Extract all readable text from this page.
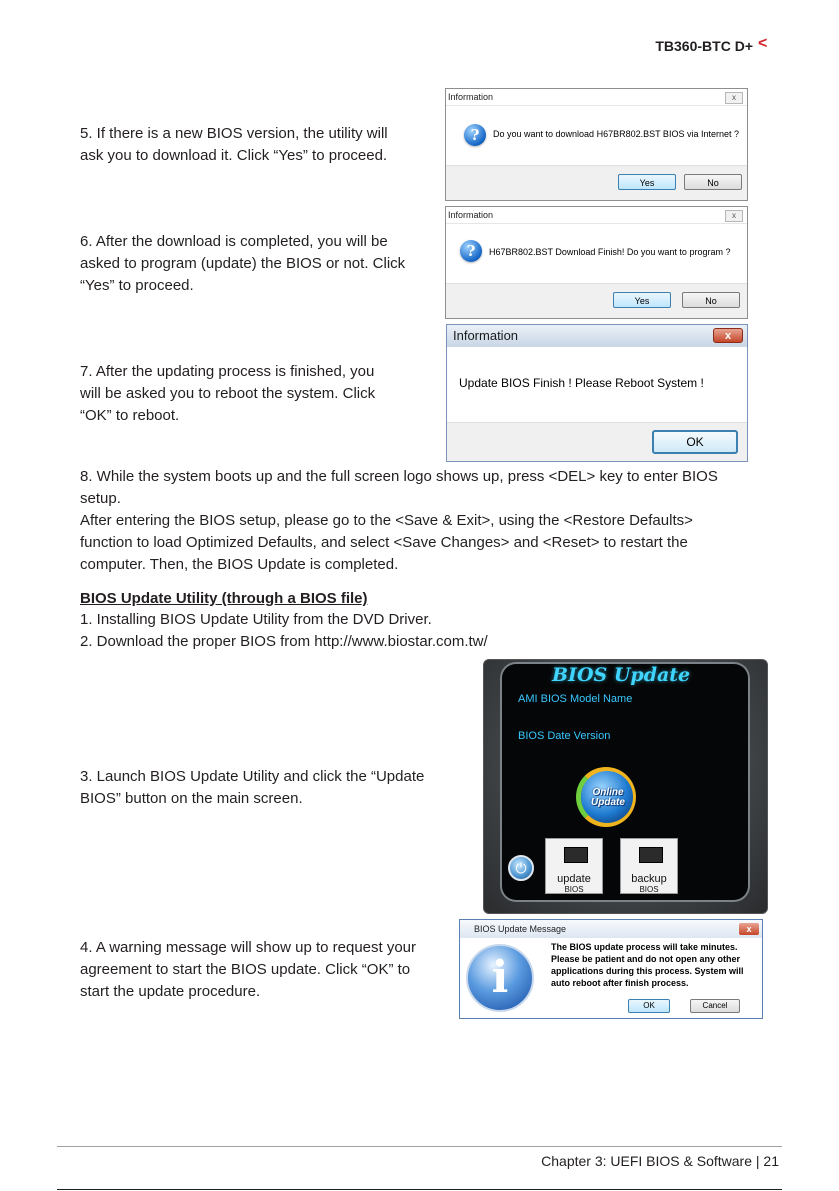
TB360-BTC D+ <
5. If there is a new BIOS version, the utility will
ask you to download it. Click “Yes” to proceed.
Information	x
?	Do you want to download H67BR802.BST BIOS via Internet ?
Yes	No
6. After the download is completed, you will be
asked to program (update) the BIOS or not. Click
“Yes” to proceed.
Information	x
?	H67BR802.BST Download Finish! Do you want to program ?
Yes	No
7. After the updating process is finished, you
will be asked you to reboot the system. Click
“OK” to reboot.
Information	x
Update BIOS Finish ! Please Reboot System !
OK
8. While the system boots up and the full screen logo shows up, press <DEL> key to enter BIOS
setup.
After entering the BIOS setup, please go to the <Save & Exit>, using the <Restore Defaults>
function to load Optimized Defaults, and select <Save Changes> and <Reset> to restart the
computer. Then, the BIOS Update is completed.
BIOS Update Utility (through a BIOS file)
1. Installing BIOS Update Utility from the DVD Driver.
2. Download the proper BIOS from http://www.biostar.com.tw/
3. Launch BIOS Update Utility and click the “Update
BIOS” button on the main screen.
BIOS Update
AMI BIOS Model Name
BIOS Date Version
Online
Update
⏻
update
BIOS
backup
BIOS
4. A warning message will show up to request your
agreement to start the BIOS update. Click “OK” to
start the update procedure.
BIOS Update Message	x
i
The BIOS update process will take minutes.
Please be patient and do not open any other
applications during this process. System will
auto reboot after finish process.
OK	Cancel
Chapter 3: UEFI BIOS & Software | 21
